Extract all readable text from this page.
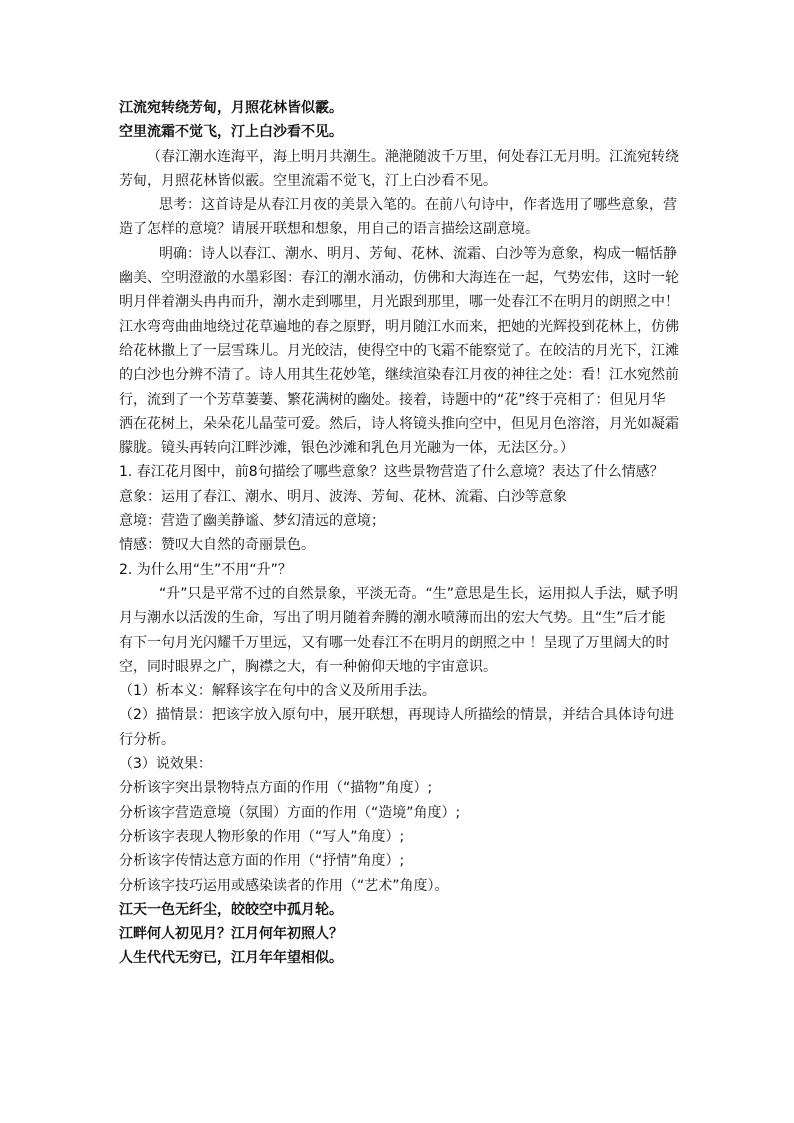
江流宛转绕芳甸，月照花林皆似霰。

空里流霜不觉飞，汀上白沙看不见。

（春江潮水连海平，海上明月共潮生。滟滟随波千万里，何处春江无月明。江流宛转绕芳甸，月照花林皆似霰。空里流霜不觉飞，汀上白沙看不见。

思考：这首诗是从春江月夜的美景入笔的。在前八句诗中，作者选用了哪些意象，营造了怎样的意境？请展开联想和想象，用自己的语言描绘这副意境。

明确：诗人以春江、潮水、明月、芳甸、花林、流霜、白沙等为意象，构成一幅恬静幽美、空明澄澈的水墨彩图：春江的潮水涌动，仿佛和大海连在一起，气势宏伟，这时一轮明月伴着潮头冉冉而升，潮水走到哪里，月光跟到那里，哪一处春江不在明月的朗照之中！江水弯弯曲曲地绕过花草遍地的春之原野，明月随江水而来，把她的光辉投到花林上，仿佛给花林撒上了一层雪珠儿。月光皎洁，使得空中的飞霜不能察觉了。在皎洁的月光下，江滩的白沙也分辨不清了。诗人用其生花妙笔，继续渲染春江月夜的神往之处：看！江水宛然前行，流到了一个芳草萋萋、繁花满树的幽处。接着，诗题中的“花”终于亮相了：但见月华洒在花树上，朵朵花儿晶莹可爱。然后，诗人将镜头推向空中，但见月色溶溶，月光如凝霜朦胧。镜头再转向江畔沙滩，银色沙滩和乳色月光融为一体，无法区分。）

1. 春江花月图中，前8句描绘了哪些意象？这些景物营造了什么意境？表达了什么情感？

意象：运用了春江、潮水、明月、波涛、芳甸、花林、流霜、白沙等意象

意境：营造了幽美静谧、梦幻清远的意境；

情感：赞叹大自然的奇丽景色。

2. 为什么用“生”不用“升”？

“升”只是平常不过的自然景象，平淡无奇。“生”意思是生长，运用拟人手法，赋予明月与潮水以活泼的生命，写出了明月随着奔腾的潮水喷薄而出的宏大气势。且“生”后才能有下一句月光闪耀千万里远，又有哪一处春江不在明月的朗照之中 ！呈现了万里阔大的时空，同时眼界之广，胸襟之大，有一种俯仰天地的宇宙意识。

（1）析本义：解释该字在句中的含义及所用手法。

（2）描情景：把该字放入原句中，展开联想，再现诗人所描绘的情景，并结合具体诗句进行分析。

（3）说效果：

分析该字突出景物特点方面的作用（“描物”角度）;

分析该字营造意境（氛围）方面的作用（“造境”角度）;

分析该字表现人物形象的作用（“写人”角度）;

分析该字传情达意方面的作用（“抒情”角度）;

分析该字技巧运用或感染读者的作用（“艺术”角度）。

江天一色无纤尘，皎皎空中孤月轮。

江畔何人初见月？江月何年初照人？

人生代代无穷已，江月年年望相似。
